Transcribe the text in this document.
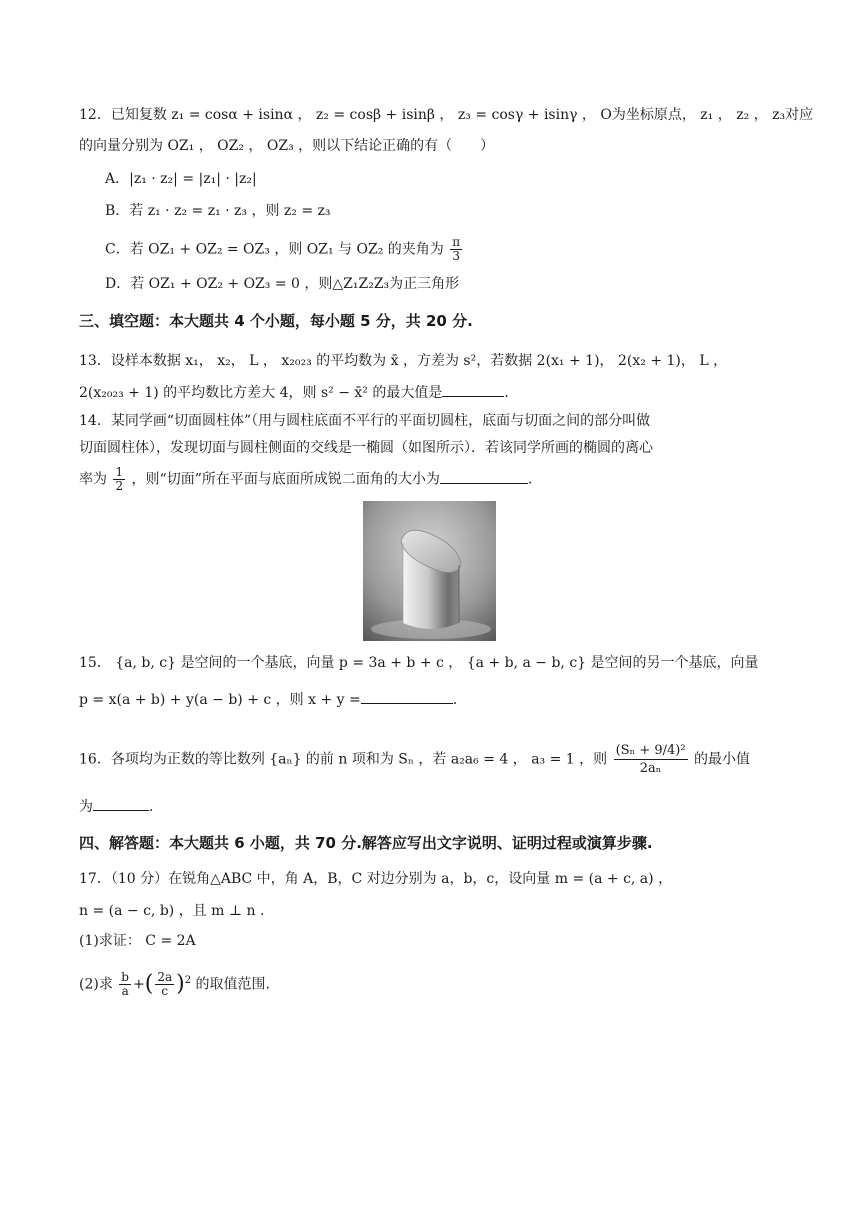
12．已知复数 z₁ = cosα + isinα ， z₂ = cosβ + isinβ ， z₃ = cosγ + isinγ ， O为坐标原点， z₁ ， z₂ ， z₃对应
的向量分别为 OZ₁ ， OZ₂ ， OZ₃ ，则以下结论正确的有（　　）
A．|z₁ · z₂| = |z₁| · |z₂|
B．若 z₁ · z₂ = z₁ · z₃ ，则 z₂ = z₃
C．若 OZ₁ + OZ₂ = OZ₃ ，则 OZ₁ 与 OZ₂ 的夹角为 $\frac{\pi}{3}$
D．若 OZ₁ + OZ₂ + OZ₃ = 0 ，则△Z₁Z₂Z₃为正三角形
三、填空题：本大题共 4 个小题，每小题 5 分，共 20 分.
13．设样本数据 x₁， x₂， L ， x₂₀₂₃ 的平均数为 x̄ ，方差为 s²，若数据 2(x₁ + 1)， 2(x₂ + 1)， L ，
2(x₂₀₂₃ + 1) 的平均数比方差大 4，则 s² − x̄² 的最大值是	.
14．某同学画“切面圆柱体”（用与圆柱底面不平行的平面切圆柱，底面与切面之间的部分叫做
切面圆柱体），发现切面与圆柱侧面的交线是一椭圆（如图所示）．若该同学所画的椭圆的离心
率为 $\frac{1}{2}$ ，则“切面”所在平面与底面所成锐二面角的大小为	.
15． {a, b, c} 是空间的一个基底，向量 p = 3a + b + c ， {a + b, a − b, c} 是空间的另一个基底，向量
p = x(a + b) + y(a − b) + c ，则 x + y =	.
16．各项均为正数的等比数列 {aₙ} 的前 n 项和为 Sₙ ，若 a₂a₆ = 4 ， a₃ = 1 ，则 $\frac{\text{(Sₙ + 9/4)²}}{\text{2aₙ}}$ 的最小值
为	.
四、解答题：本大题共 6 小题，共 70 分.解答应写出文字说明、证明过程或演算步骤.
17．（10 分）在锐角△ABC 中，角 A，B，C 对边分别为 a，b，c，设向量 m = (a + c, a) ，
n = (a − c, b) ，且 m ⊥ n .
(1)求证： C = 2A
(2)求 $\frac{b}{a}$ +( $\frac{2a}{c} )^2$ 的取值范围.
